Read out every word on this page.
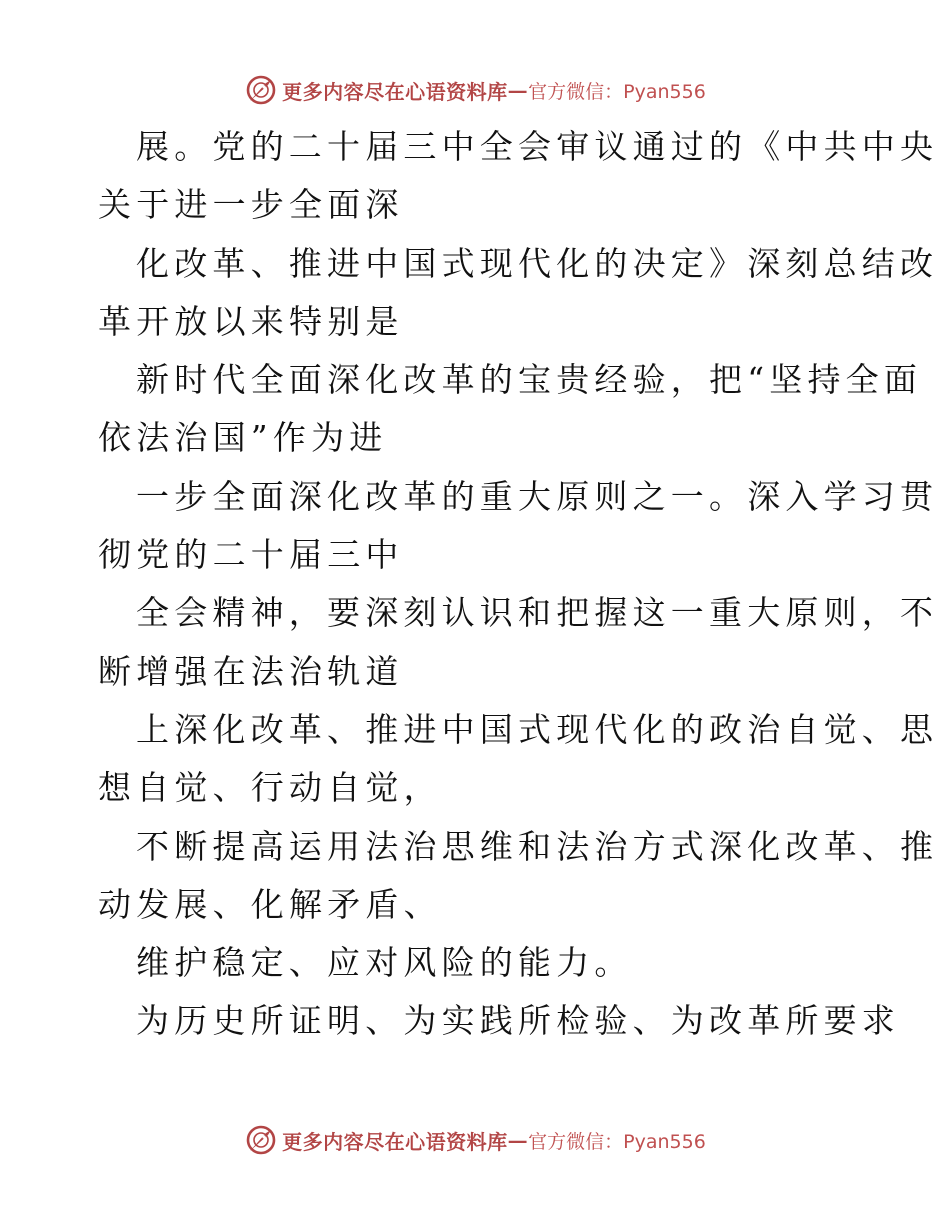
更多内容尽在心语资料库 — 官方微信：Pyan556
展。党的二十届三中全会审议通过的《中共中央
关于进一步全面深
化改革、推进中国式现代化的决定》深刻总结改
革开放以来特别是
新时代全面深化改革的宝贵经验，把“坚持全面
依法治国”作为进
一步全面深化改革的重大原则之一。深入学习贯
彻党的二十届三中
全会精神，要深刻认识和把握这一重大原则，不
断增强在法治轨道
上深化改革、推进中国式现代化的政治自觉、思
想自觉、行动自觉，
不断提高运用法治思维和法治方式深化改革、推
动发展、化解矛盾、
维护稳定、应对风险的能力。
为历史所证明、为实践所检验、为改革所要求
更多内容尽在心语资料库 — 官方微信：Pyan556
